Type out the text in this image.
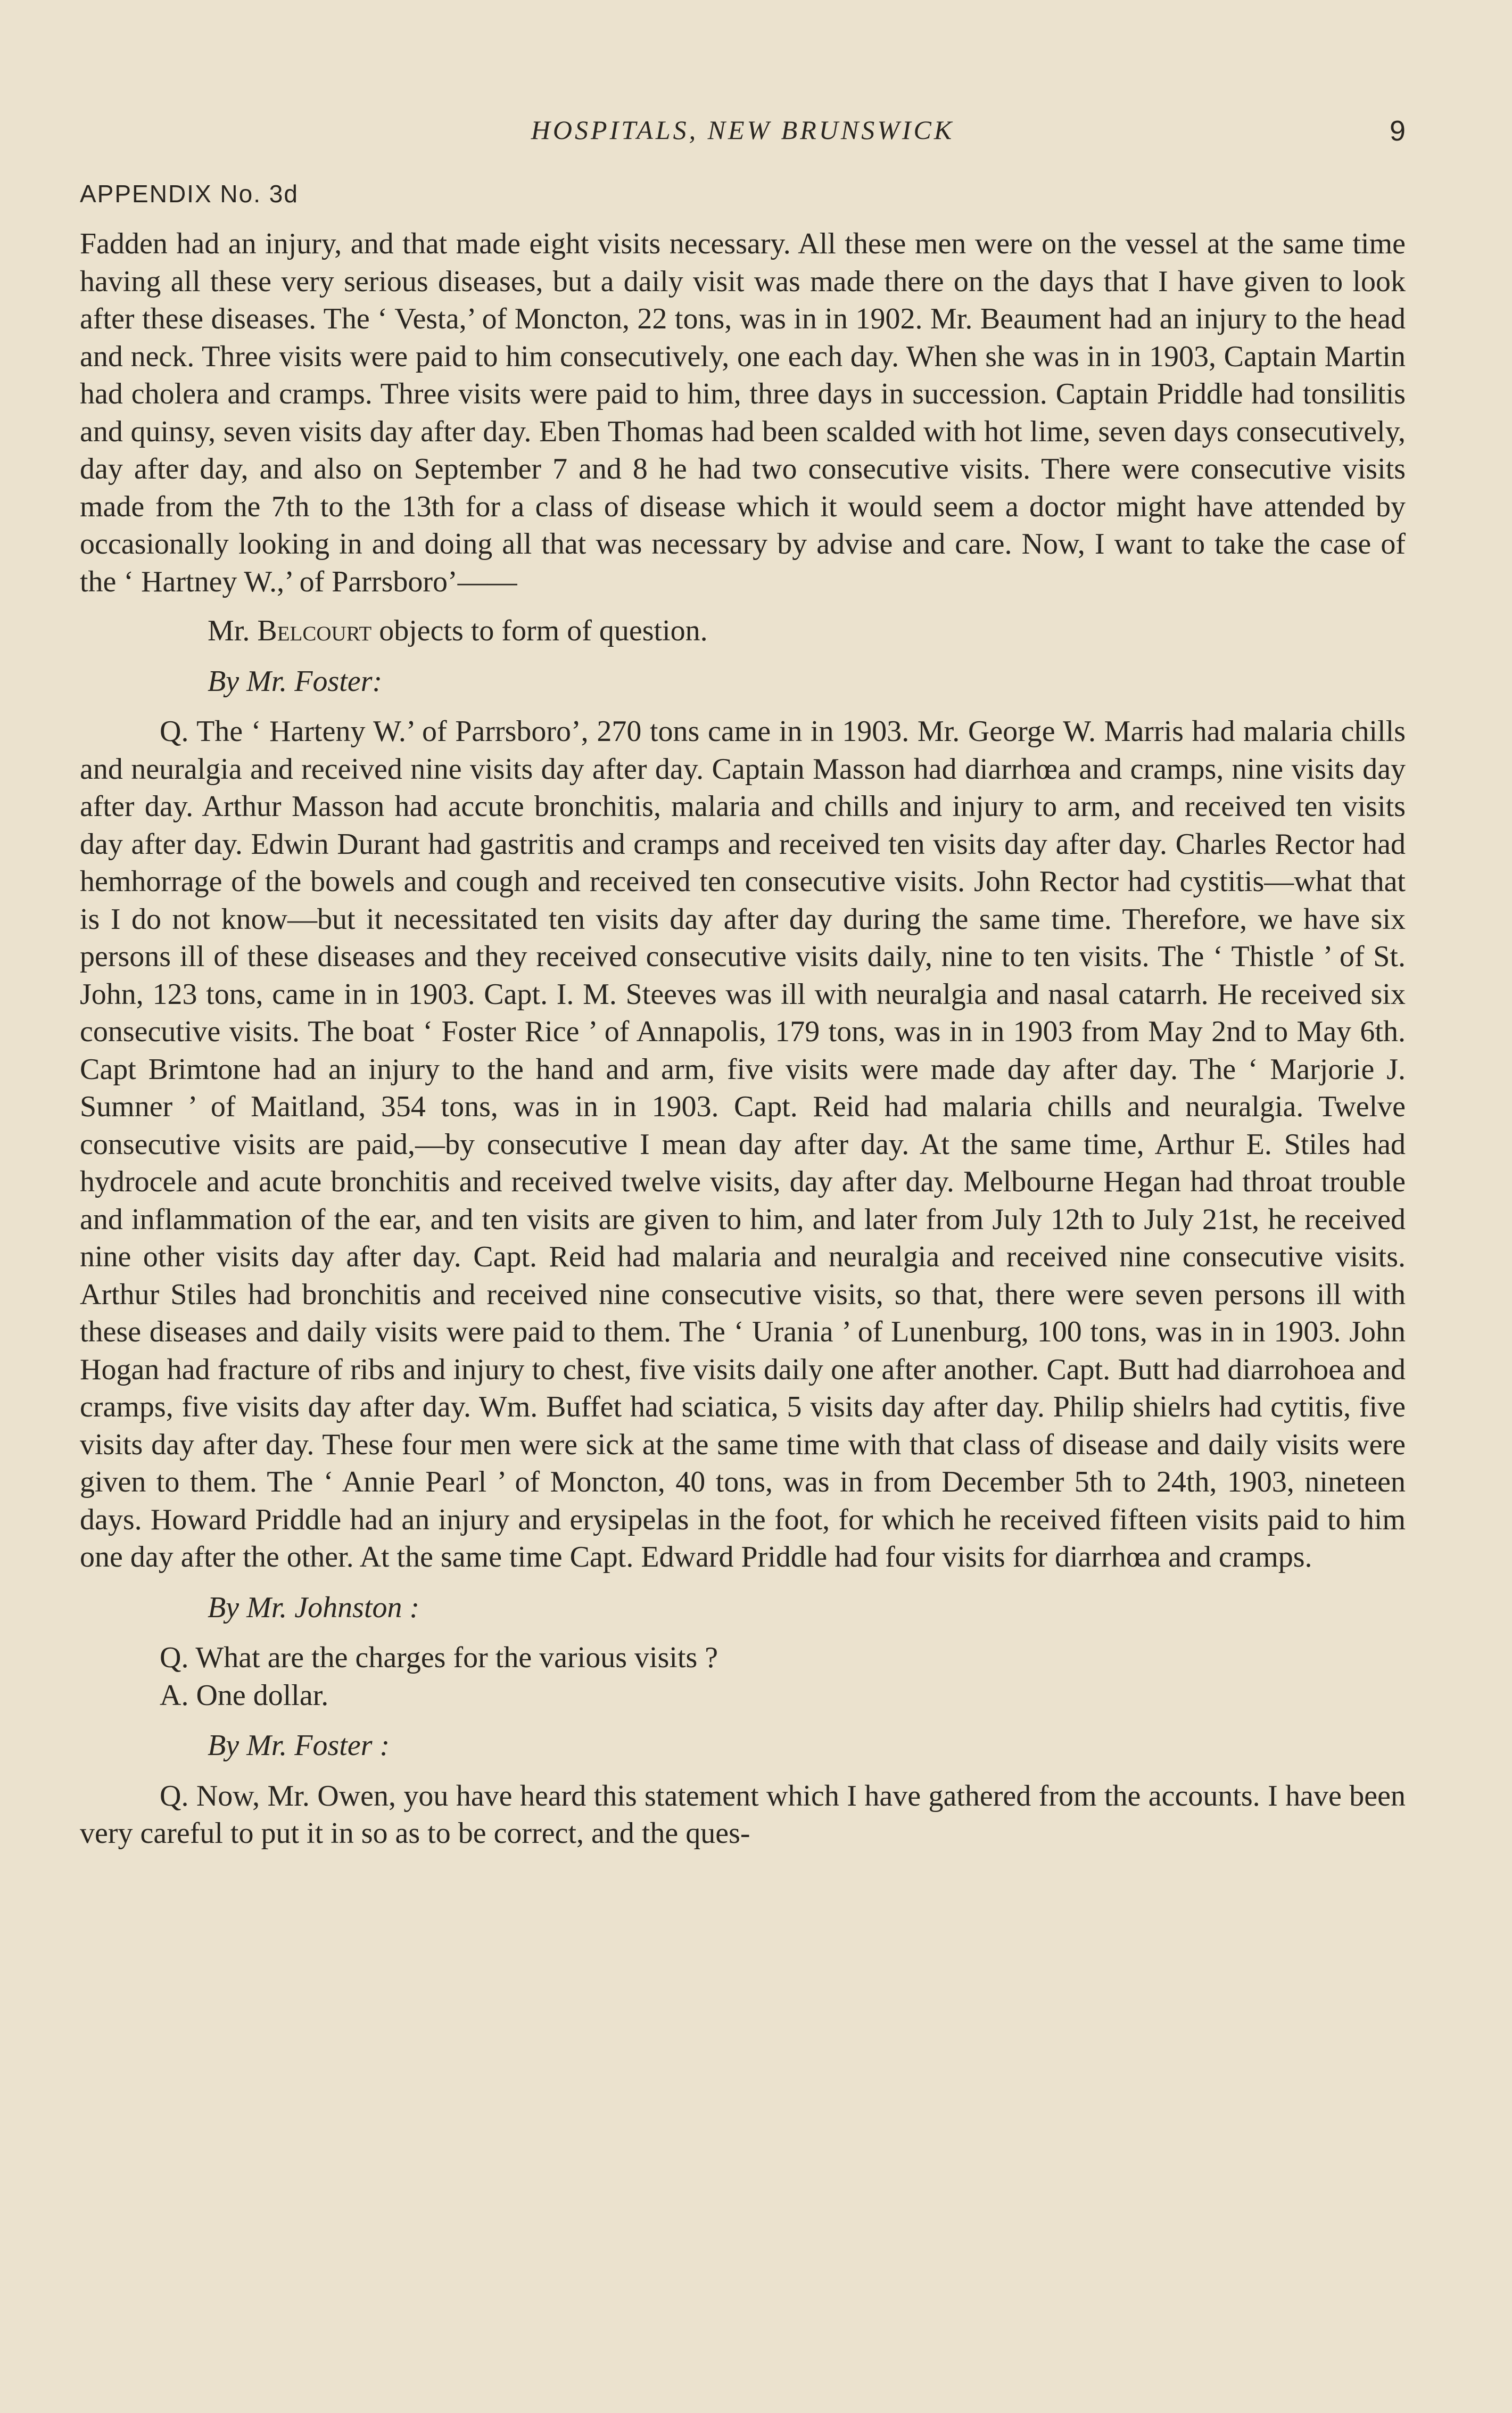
HOSPITALS, NEW BRUNSWICK	9
APPENDIX No. 3d

Fadden had an injury, and that made eight visits necessary. All these men were on the vessel at the same time having all these very serious diseases, but a daily visit was made there on the days that I have given to look after these diseases. The ‘ Vesta,’ of Moncton, 22 tons, was in in 1902. Mr. Beaument had an injury to the head and neck. Three visits were paid to him consecutively, one each day. When she was in in 1903, Captain Martin had cholera and cramps. Three visits were paid to him, three days in succession. Captain Priddle had tonsilitis and quinsy, seven visits day after day. Eben Thomas had been scalded with hot lime, seven days consecutively, day after day, and also on September 7 and 8 he had two consecutive visits. There were consecutive visits made from the 7th to the 13th for a class of disease which it would seem a doctor might have attended by occasionally looking in and doing all that was necessary by advise and care. Now, I want to take the case of the ‘ Hartney W.,’ of Parrsboro’——

Mr. Belcourt objects to form of question.

By Mr. Foster:

Q. The ‘ Harteny W.’ of Parrsboro’, 270 tons came in in 1903. Mr. George W. Marris had malaria chills and neuralgia and received nine visits day after day. Captain Masson had diarrhœa and cramps, nine visits day after day. Arthur Masson had accute bronchitis, malaria and chills and injury to arm, and received ten visits day after day. Edwin Durant had gastritis and cramps and received ten visits day after day. Charles Rector had hemhorrage of the bowels and cough and received ten consecutive visits. John Rector had cystitis—what that is I do not know—but it necessitated ten visits day after day during the same time. Therefore, we have six persons ill of these diseases and they received consecutive visits daily, nine to ten visits. The ‘ Thistle ’ of St. John, 123 tons, came in in 1903. Capt. I. M. Steeves was ill with neuralgia and nasal catarrh. He received six consecutive visits. The boat ‘ Foster Rice ’ of Annapolis, 179 tons, was in in 1903 from May 2nd to May 6th. Capt Brimtone had an injury to the hand and arm, five visits were made day after day. The ‘ Marjorie J. Sumner ’ of Maitland, 354 tons, was in in 1903. Capt. Reid had malaria chills and neuralgia. Twelve consecutive visits are paid,—by consecutive I mean day after day. At the same time, Arthur E. Stiles had hydrocele and acute bronchitis and received twelve visits, day after day. Melbourne Hegan had throat trouble and inflammation of the ear, and ten visits are given to him, and later from July 12th to July 21st, he received nine other visits day after day. Capt. Reid had malaria and neuralgia and received nine consecutive visits. Arthur Stiles had bronchitis and received nine consecutive visits, so that, there were seven persons ill with these diseases and daily visits were paid to them. The ‘ Urania ’ of Lunenburg, 100 tons, was in in 1903. John Hogan had fracture of ribs and injury to chest, five visits daily one after another. Capt. Butt had diarrohoea and cramps, five visits day after day. Wm. Buffet had sciatica, 5 visits day after day. Philip shielrs had cytitis, five visits day after day. These four men were sick at the same time with that class of disease and daily visits were given to them. The ‘ Annie Pearl ’ of Moncton, 40 tons, was in from December 5th to 24th, 1903, nineteen days. Howard Priddle had an injury and erysipelas in the foot, for which he received fifteen visits paid to him one day after the other. At the same time Capt. Edward Priddle had four visits for diarrhœa and cramps.

By Mr. Johnston :

Q. What are the charges for the various visits ?

A. One dollar.

By Mr. Foster :

Q. Now, Mr. Owen, you have heard this statement which I have gathered from the accounts. I have been very careful to put it in so as to be correct, and the ques-
